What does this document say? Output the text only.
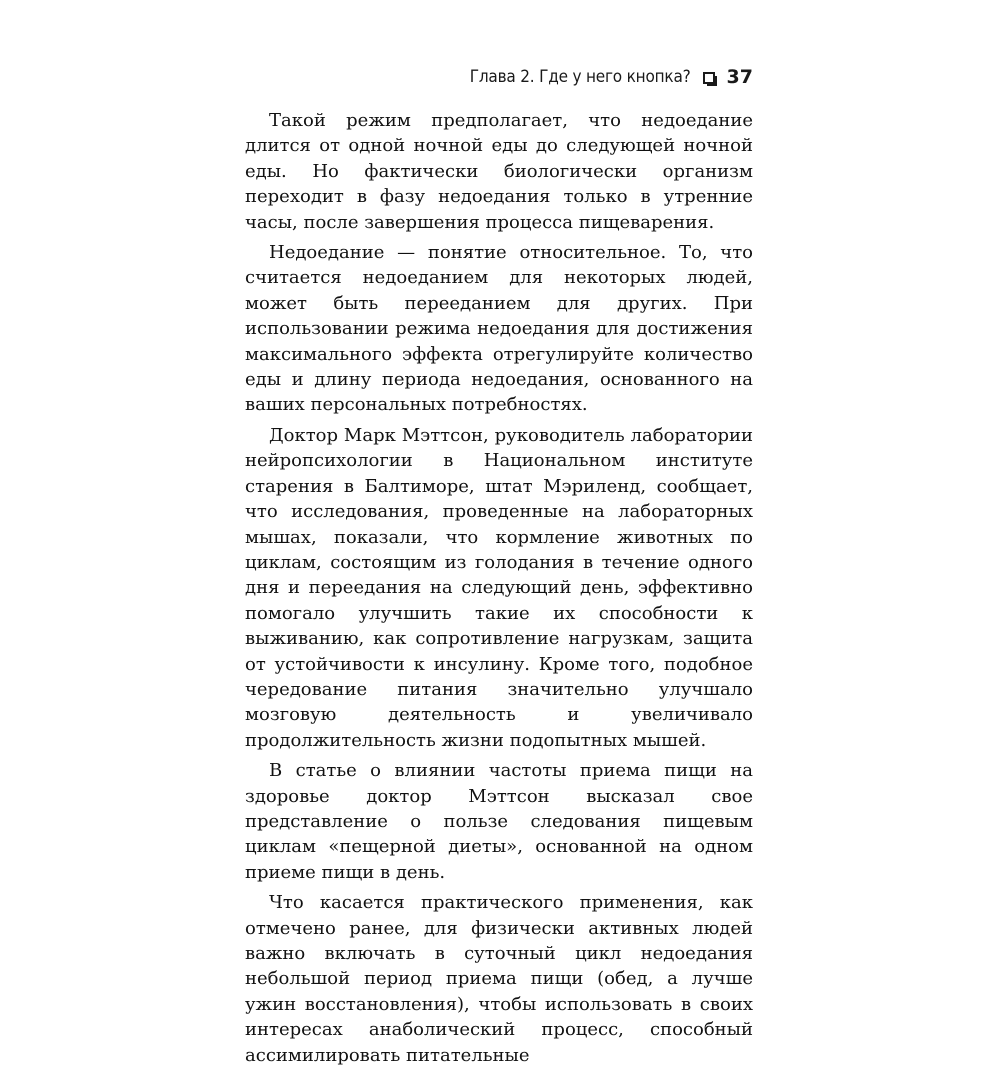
Глава 2. Где у него кнопка? 37

Такой режим предполагает, что недоедание длится от одной ночной еды до следующей ночной еды. Но фактически биологически организм переходит в фазу недоедания только в утренние часы, после завершения процесса пищеварения.

Недоедание — понятие относительное. То, что считается недоеданием для некоторых людей, может быть перееданием для других. При использовании режима недоедания для достижения максимального эффекта отрегулируйте количество еды и длину периода недоедания, основанного на ваших персональных потребностях.

Доктор Марк Мэттсон, руководитель лаборатории нейропсихологии в Национальном институте старения в Балтиморе, штат Мэриленд, сообщает, что исследования, проведенные на лабораторных мышах, показали, что кормление животных по циклам, состоящим из голодания в течение одного дня и переедания на следующий день, эффективно помогало улучшить такие их способности к выживанию, как сопротивление нагрузкам, защита от устойчивости к инсулину. Кроме того, подобное чередование питания значительно улучшало мозговую деятельность и увеличивало продолжительность жизни подопытных мышей.

В статье о влиянии частоты приема пищи на здоровье доктор Мэттсон высказал свое представление о пользе следования пищевым циклам «пещерной диеты», основанной на одном приеме пищи в день.

Что касается практического применения, как отмечено ранее, для физически активных людей важно включать в суточный цикл недоедания небольшой период приема пищи (обед, а лучше ужин восстановления), чтобы использовать в своих интересах анаболический процесс, способный ассимилировать питательные
